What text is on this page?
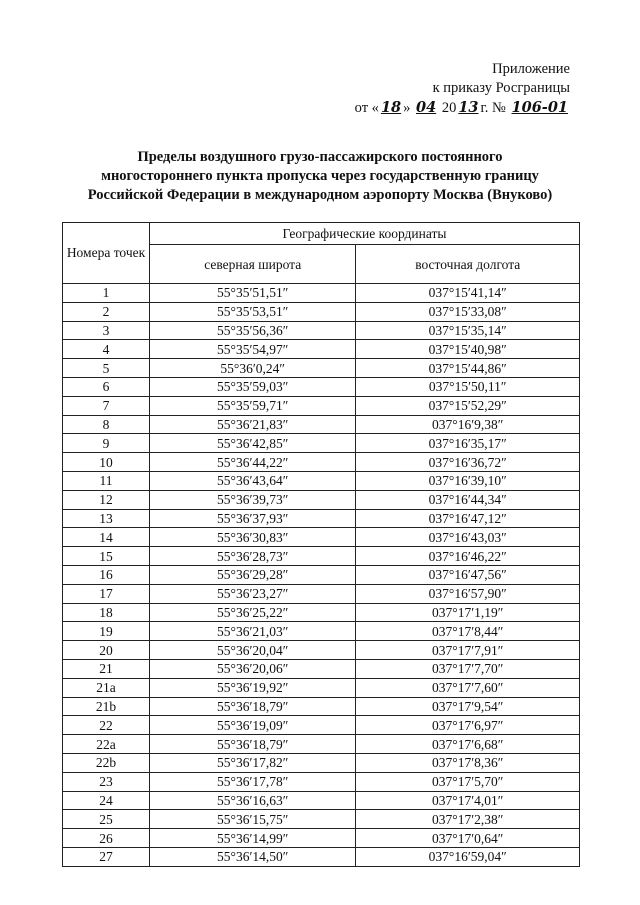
Приложение
к приказу Росграницы
от « 18 » 04 20 13 г. № 106-01
Пределы воздушного грузо-пассажирского постоянного
многостороннего пункта пропуска через государственную границу
Российской Федерации в международном аэропорту Москва (Внуково)
Номера точек	Географические координаты	
	северная широта	восточная долгота
1	55°35′51,51″	037°15′41,14″
2	55°35′53,51″	037°15′33,08″
3	55°35′56,36″	037°15′35,14″
4	55°35′54,97″	037°15′40,98″
5	55°36′0,24″	037°15′44,86″
6	55°35′59,03″	037°15′50,11″
7	55°35′59,71″	037°15′52,29″
8	55°36′21,83″	037°16′9,38″
9	55°36′42,85″	037°16′35,17″
10	55°36′44,22″	037°16′36,72″
11	55°36′43,64″	037°16′39,10″
12	55°36′39,73″	037°16′44,34″
13	55°36′37,93″	037°16′47,12″
14	55°36′30,83″	037°16′43,03″
15	55°36′28,73″	037°16′46,22″
16	55°36′29,28″	037°16′47,56″
17	55°36′23,27″	037°16′57,90″
18	55°36′25,22″	037°17′1,19″
19	55°36′21,03″	037°17′8,44″
20	55°36′20,04″	037°17′7,91″
21	55°36′20,06″	037°17′7,70″
21a	55°36′19,92″	037°17′7,60″
21b	55°36′18,79″	037°17′9,54″
22	55°36′19,09″	037°17′6,97″
22a	55°36′18,79″	037°17′6,68″
22b	55°36′17,82″	037°17′8,36″
23	55°36′17,78″	037°17′5,70″
24	55°36′16,63″	037°17′4,01″
25	55°36′15,75″	037°17′2,38″
26	55°36′14,99″	037°17′0,64″
27	55°36′14,50″	037°16′59,04″
